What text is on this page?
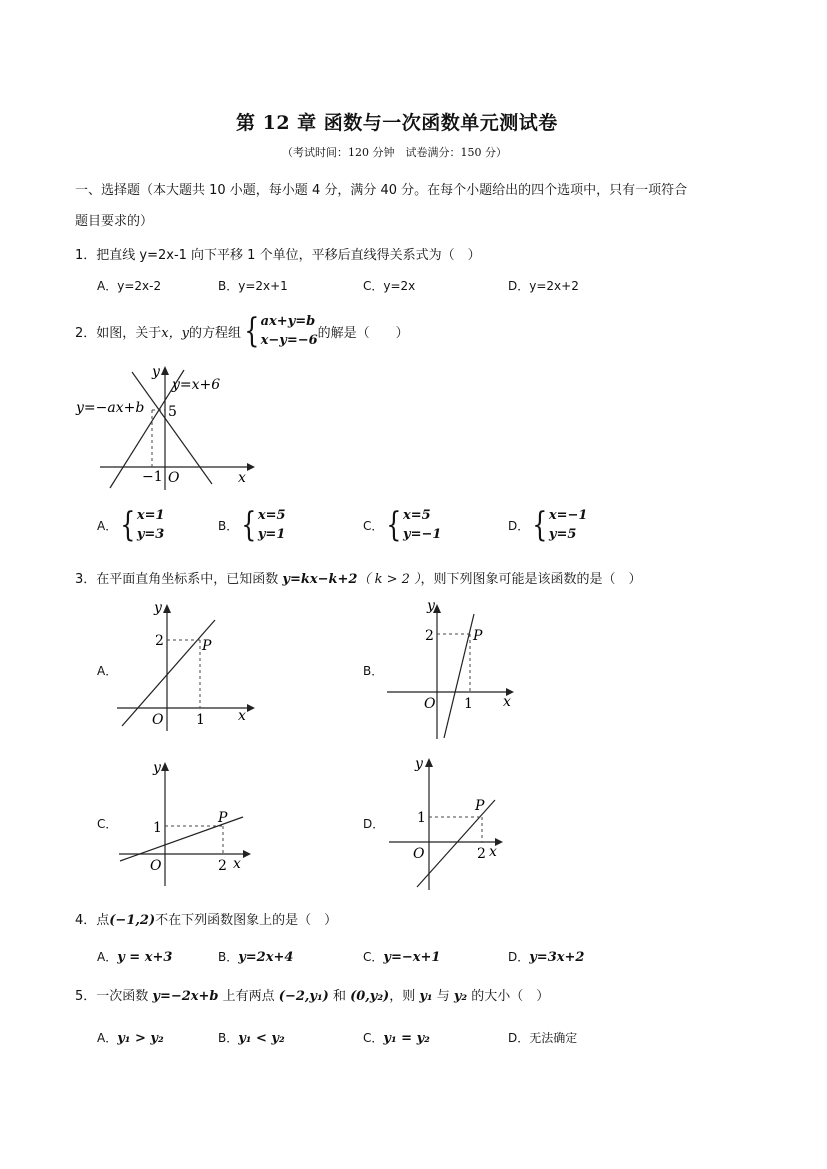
第 12 章 函数与一次函数单元测试卷
（考试时间：120 分钟　试卷满分：150 分）
一、选择题（本大题共 10 小题，每小题 4 分，满分 40 分。在每个小题给出的四个选项中，只有一项符合
题目要求的）
1．把直线 y=2x-1 向下平移 1 个单位，平移后直线得关系式为（　）
A．y=2x-2	B．y=2x+1	C．y=2x	D．y=2x+2
2．如图，关于 x，y 的方程组 { ax+y=b
x−y=−6 的解是（　　）
y=x+6
y=−ax+b 5
−1 O	x
y
A． { x=1
y=3
B． { x=5
y=1
C． { x=5
y=−1
D． { x=−1
y=5
3．在平面直角坐标系中，已知函数 y=kx−k+2（ k > 2 ），则下列图象可能是该函数的是（　）
A．
y
2	P
O 1 x
B．
y
2	P
O 1 x
C．
y
1
P
O	2 x
D．
y
1
P
O	2 x
4．点(−1,2)不在下列函数图象上的是（　）
A．y = x+3	B．y=2x+4	C．y=−x+1	D．y=3x+2
5．一次函数 y=−2x+b 上有两点 (−2,y₁) 和 (0,y₂)，则 y₁ 与 y₂ 的大小（　）
A．y₁ > y₂	B．y₁ < y₂	C．y₁ = y₂	D．无法确定
